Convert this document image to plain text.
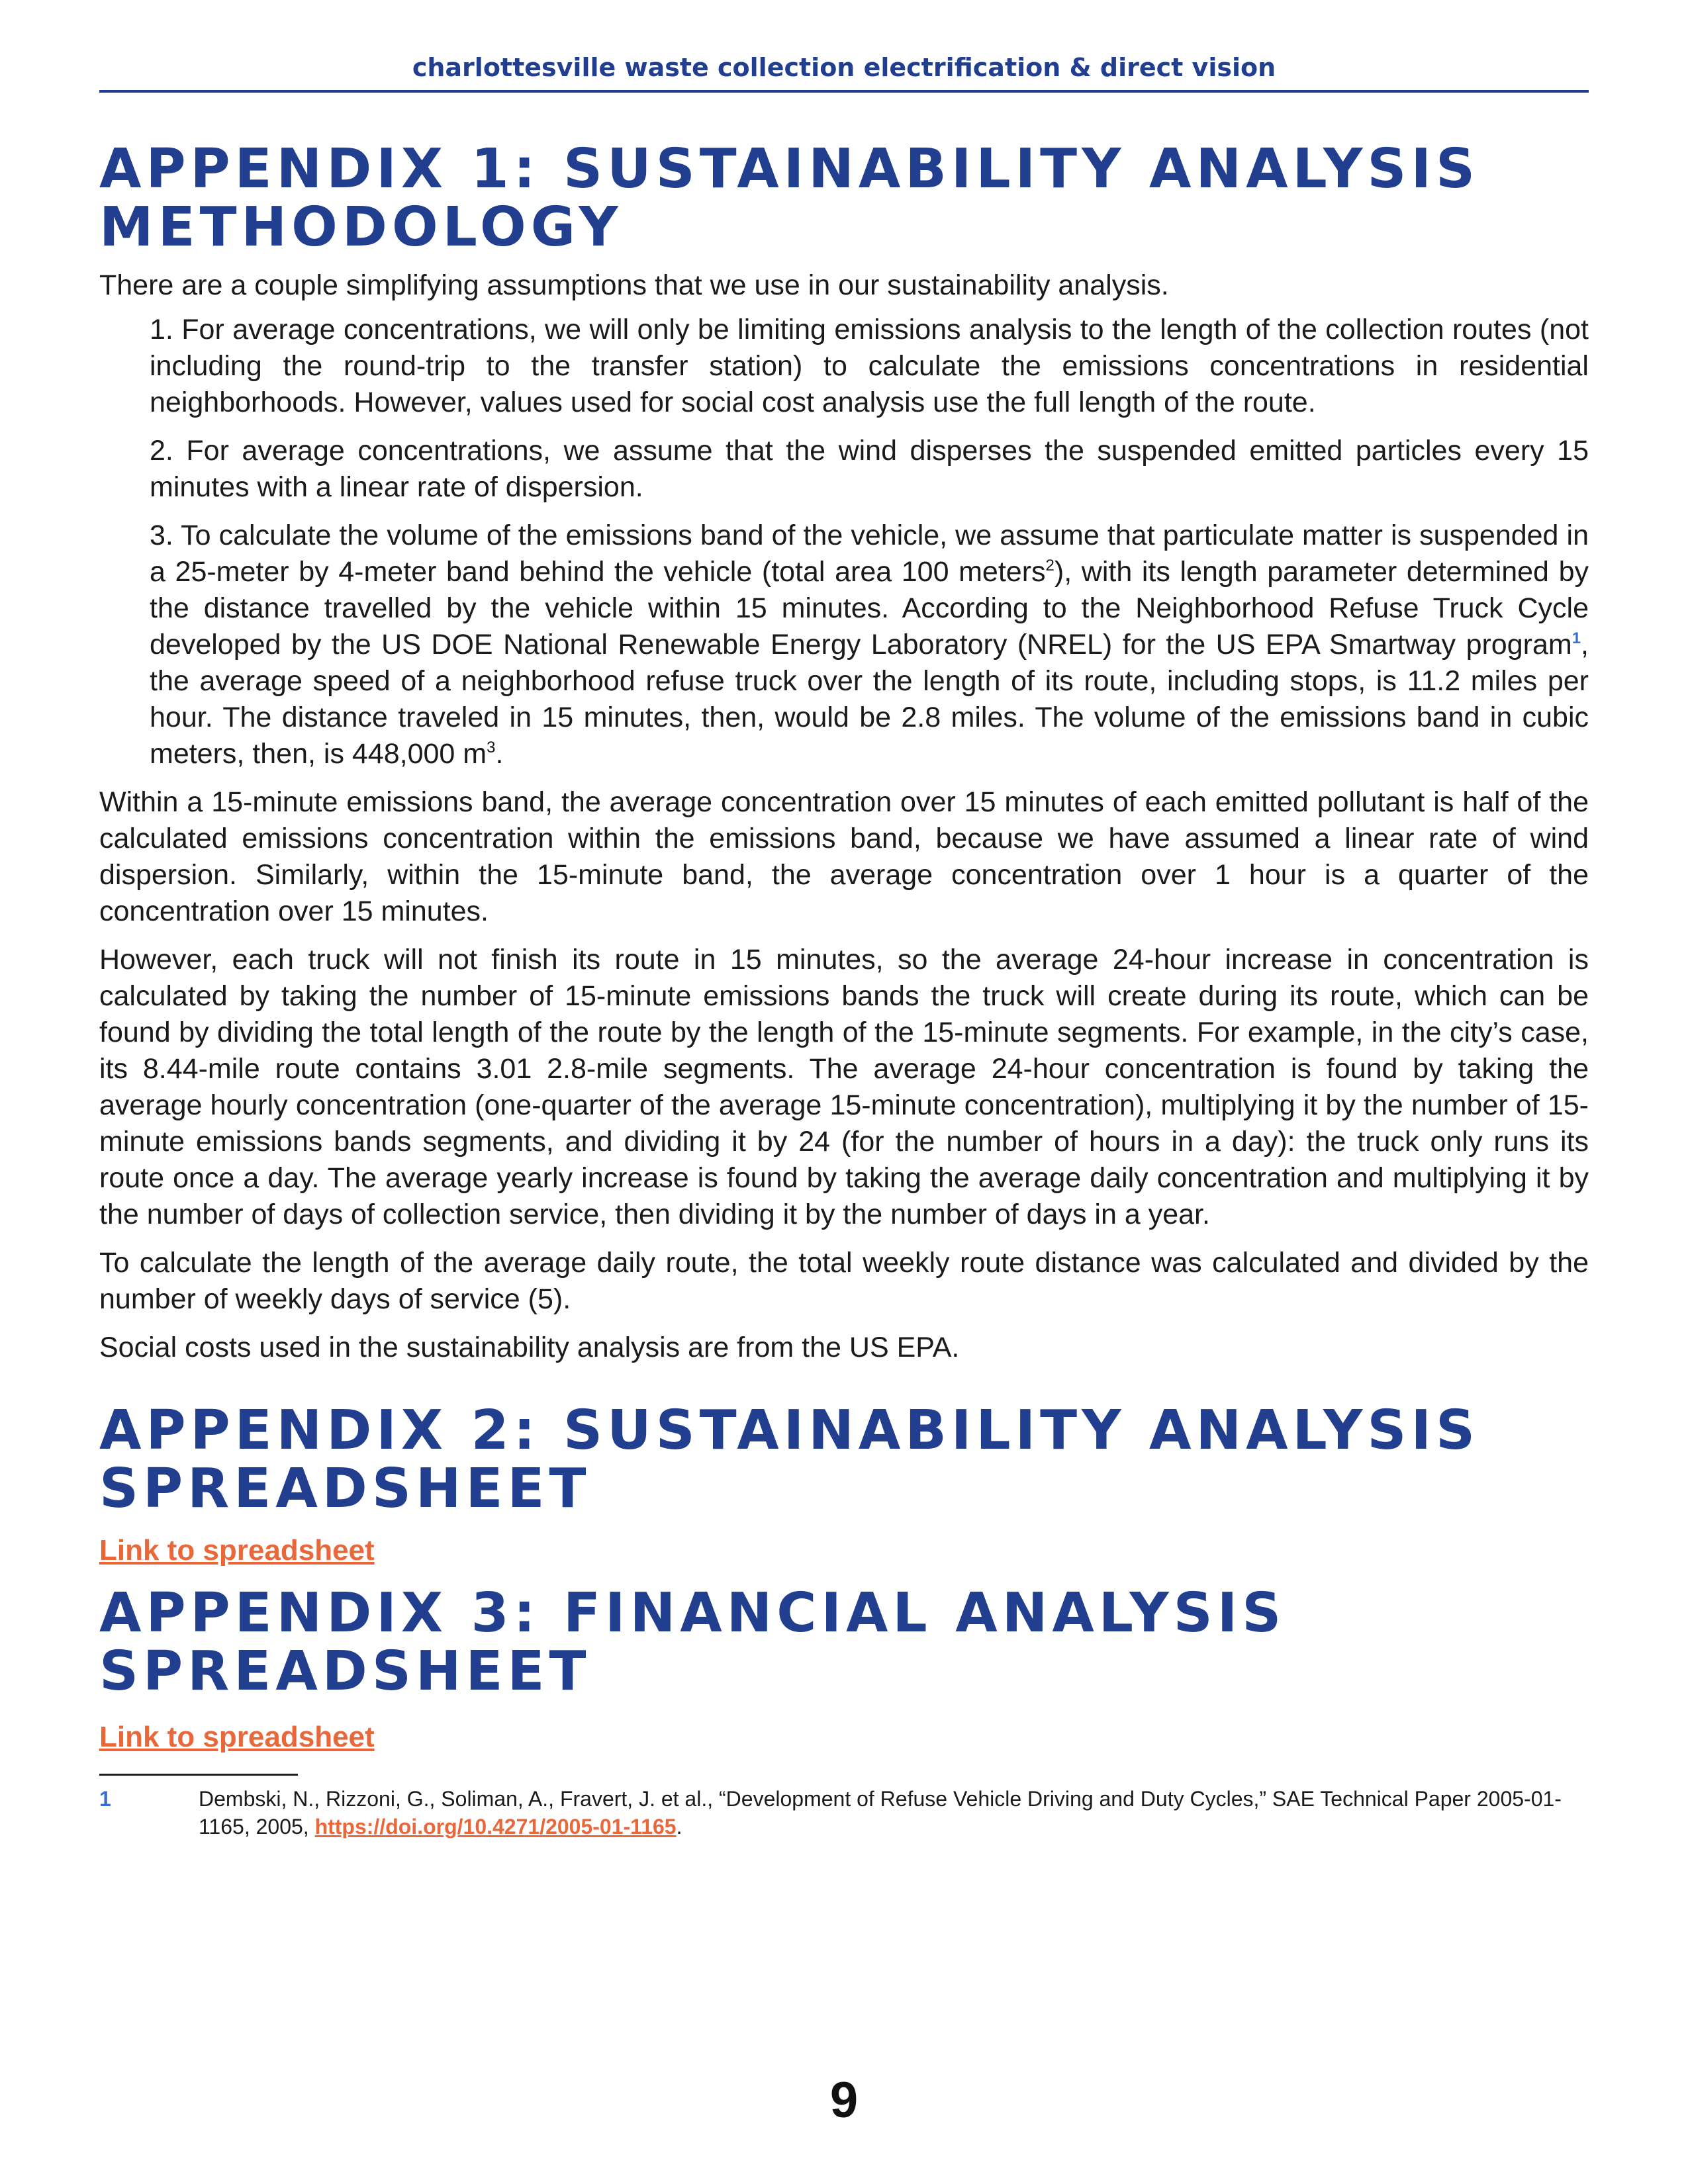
charlottesville waste collection electrification & direct vision
APPENDIX 1: SUSTAINABILITY ANALYSIS METHODOLOGY

There are a couple simplifying assumptions that we use in our sustainability analysis.

1. For average concentrations, we will only be limiting emissions analysis to the length of the collection routes (not including the round-trip to the transfer station) to calculate the emissions concentrations in residential neighborhoods. However, values used for social cost analysis use the full length of the route.
2. For average concentrations, we assume that the wind disperses the suspended emitted particles every 15 minutes with a linear rate of dispersion.
3. To calculate the volume of the emissions band of the vehicle, we assume that particulate matter is suspended in a 25-meter by 4-meter band behind the vehicle (total area 100 meters$^2$), with its length parameter determined by the distance travelled by the vehicle within 15 minutes. According to the Neighborhood Refuse Truck Cycle developed by the US DOE National Renewable Energy Laboratory (NREL) for the US EPA Smartway program$^1$, the average speed of a neighborhood refuse truck over the length of its route, including stops, is 11.2 miles per hour. The distance traveled in 15 minutes, then, would be 2.8 miles. The volume of the emissions band in cubic meters, then, is 448,000 $m^3$.

Within a 15-minute emissions band, the average concentration over 15 minutes of each emitted pollutant is half of the calculated emissions concentration within the emissions band, because we have assumed a linear rate of wind dispersion. Similarly, within the 15-minute band, the average concentration over 1 hour is a quarter of the concentration over 15 minutes.

However, each truck will not finish its route in 15 minutes, so the average 24-hour increase in concentration is calculated by taking the number of 15-minute emissions bands the truck will create during its route, which can be found by dividing the total length of the route by the length of the 15-minute segments. For example, in the city’s case, its 8.44-mile route contains 3.01 2.8-mile segments. The average 24-hour concentration is found by taking the average hourly concentration (one-quarter of the average 15-minute concentration), multiplying it by the number of 15-minute emissions bands segments, and dividing it by 24 (for the number of hours in a day): the truck only runs its route once a day. The average yearly increase is found by taking the average daily concentration and multiplying it by the number of days of collection service, then dividing it by the number of days in a year.

To calculate the length of the average daily route, the total weekly route distance was calculated and divided by the number of weekly days of service (5).

Social costs used in the sustainability analysis are from the US EPA.

APPENDIX 2: SUSTAINABILITY ANALYSIS SPREADSHEET
Link to spreadsheet
APPENDIX 3: FINANCIAL ANALYSIS SPREADSHEET
Link to spreadsheet
1	Dembski, N., Rizzoni, G., Soliman, A., Fravert, J. et al., “Development of Refuse Vehicle Driving and Duty Cycles,” SAE Technical Paper 2005-01-1165, 2005, https://doi.org/10.4271/2005-01-1165.
9
